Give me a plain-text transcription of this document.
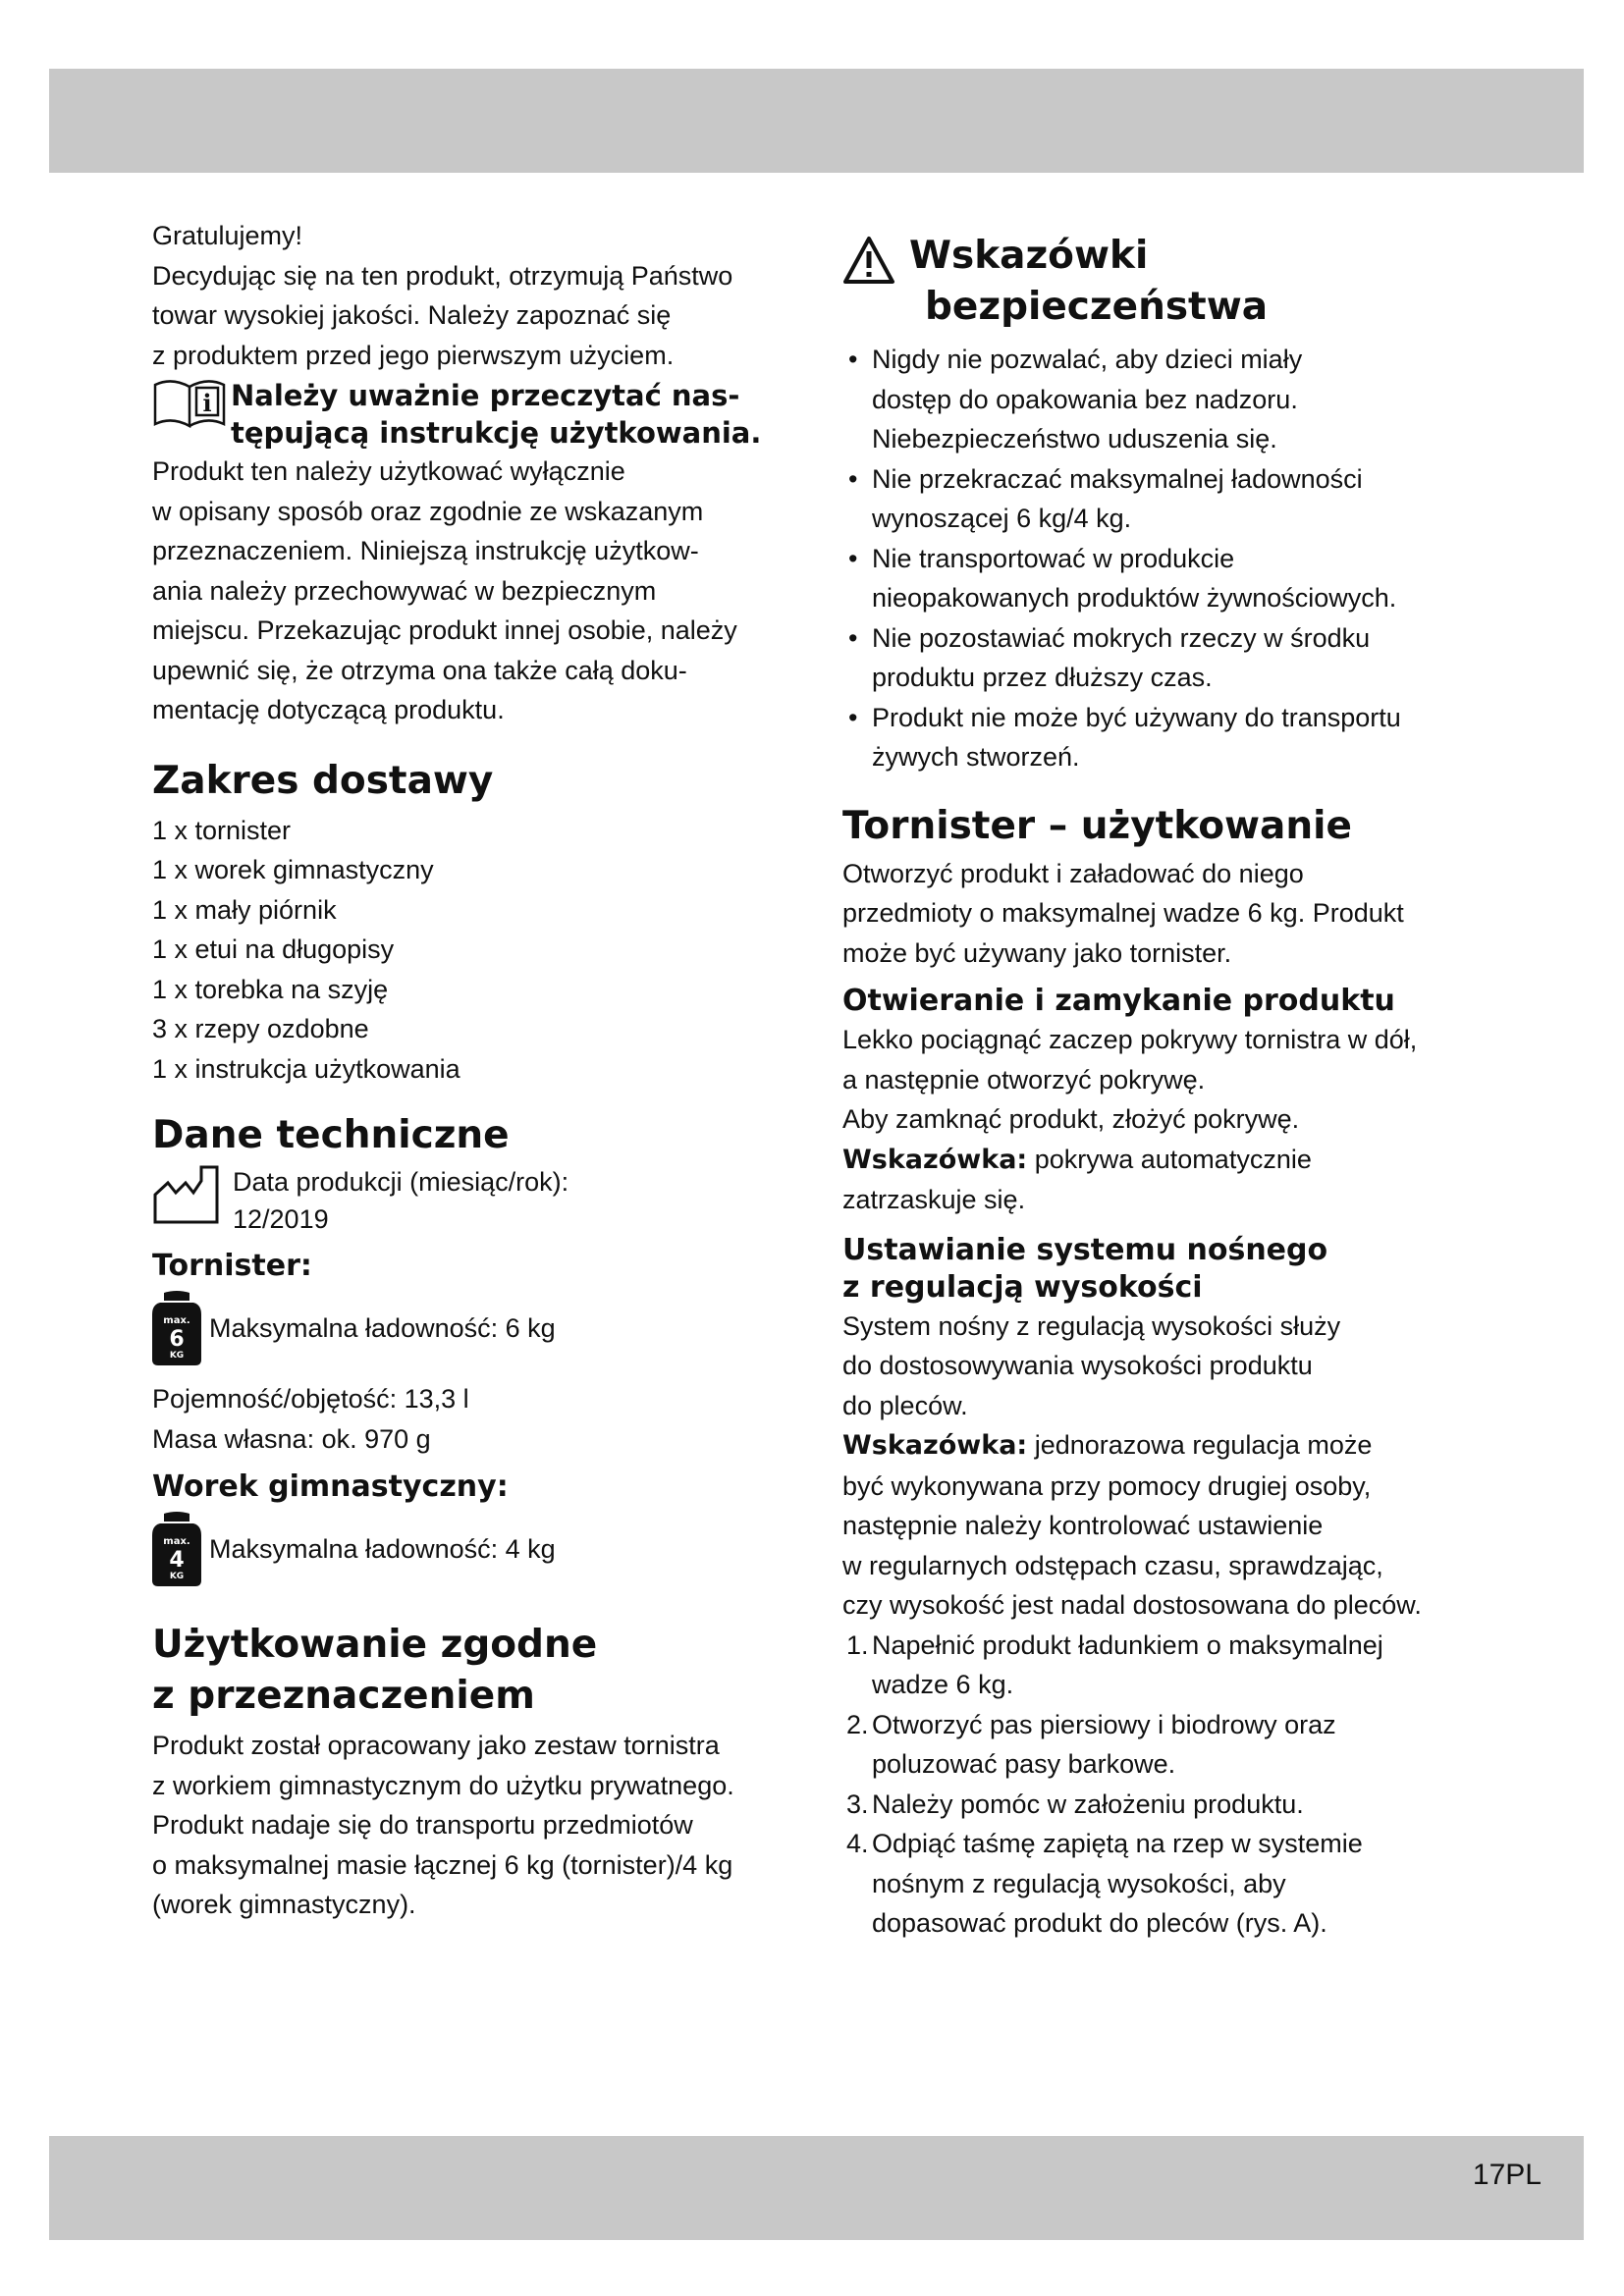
Gratulujemy!

Decydując się na ten produkt, otrzymują Państwo
towar wysokiej jakości. Należy zapoznać się
z produktem przed jego pierwszym użyciem.

i Należy uważnie przeczytać nas-

tępującą instrukcję użytkowania.

Produkt ten należy użytkować wyłącznie
w opisany sposób oraz zgodnie ze wskazanym
przeznaczeniem. Niniejszą instrukcję użytkow-
ania należy przechowywać w bezpiecznym
miejscu. Przekazując produkt innej osobie, należy
upewnić się, że otrzyma ona także całą doku-
mentację dotyczącą produktu.

Zakres dostawy
1 x tornister
1 x worek gimnastyczny
1 x mały piórnik
1 x etui na długopisy
1 x torebka na szyję
3 x rzepy ozdobne
1 x instrukcja użytkowania
Dane techniczne

Data produkcji (miesiąc/rok):

12/2019

Tornister:
max.
6
KG

Maksymalna ładowność: 6 kg

Pojemność/objętość: 13,3 l

Masa własna: ok. 970 g

Worek gimnastyczny:
max.
4
KG

Maksymalna ładowność: 4 kg

Użytkowanie zgodne
z przeznaczeniem

Produkt został opracowany jako zestaw tornistra
z workiem gimnastycznym do użytku prywatnego.
Produkt nadaje się do transportu przedmiotów
o maksymalnej masie łącznej 6 kg (tornister)/4 kg
(worek gimnastyczny).

Wskazówki
bezpieczeństwa
• Nigdy nie pozwalać, aby dzieci miały
dostęp do opakowania bez nadzoru.
Niebezpieczeństwo uduszenia się.
• Nie przekraczać maksymalnej ładowności
wynoszącej 6 kg/4 kg.
• Nie transportować w produkcie
nieopakowanych produktów żywnościowych.
• Nie pozostawiać mokrych rzeczy w środku
produktu przez dłuższy czas.
• Produkt nie może być używany do transportu
żywych stworzeń.
Tornister – użytkowanie

Otworzyć produkt i załadować do niego
przedmioty o maksymalnej wadze 6 kg. Produkt
może być używany jako tornister.

Otwieranie i zamykanie produktu

Lekko pociągnąć zaczep pokrywy tornistra w dół,
a następnie otworzyć pokrywę.
Aby zamknąć produkt, złożyć pokrywę.

Wskazówka: pokrywa automatycznie

zatrzaskuje się.

Ustawianie systemu nośnego
z regulacją wysokości

System nośny z regulacją wysokości służy
do dostosowywania wysokości produktu
do pleców.

Wskazówka: jednorazowa regulacja może

być wykonywana przy pomocy drugiej osoby,
następnie należy kontrolować ustawienie
w regularnych odstępach czasu, sprawdzając,
czy wysokość jest nadal dostosowana do pleców.

1. Napełnić produkt ładunkiem o maksymalnej
wadze 6 kg.
2. Otworzyć pas piersiowy i biodrowy oraz
poluzować pasy barkowe.
3. Należy pomóc w założeniu produktu.
4. Odpiąć taśmę zapiętą na rzep w systemie
nośnym z regulacją wysokości, aby
dopasować produkt do pleców (rys. A).
17PL
